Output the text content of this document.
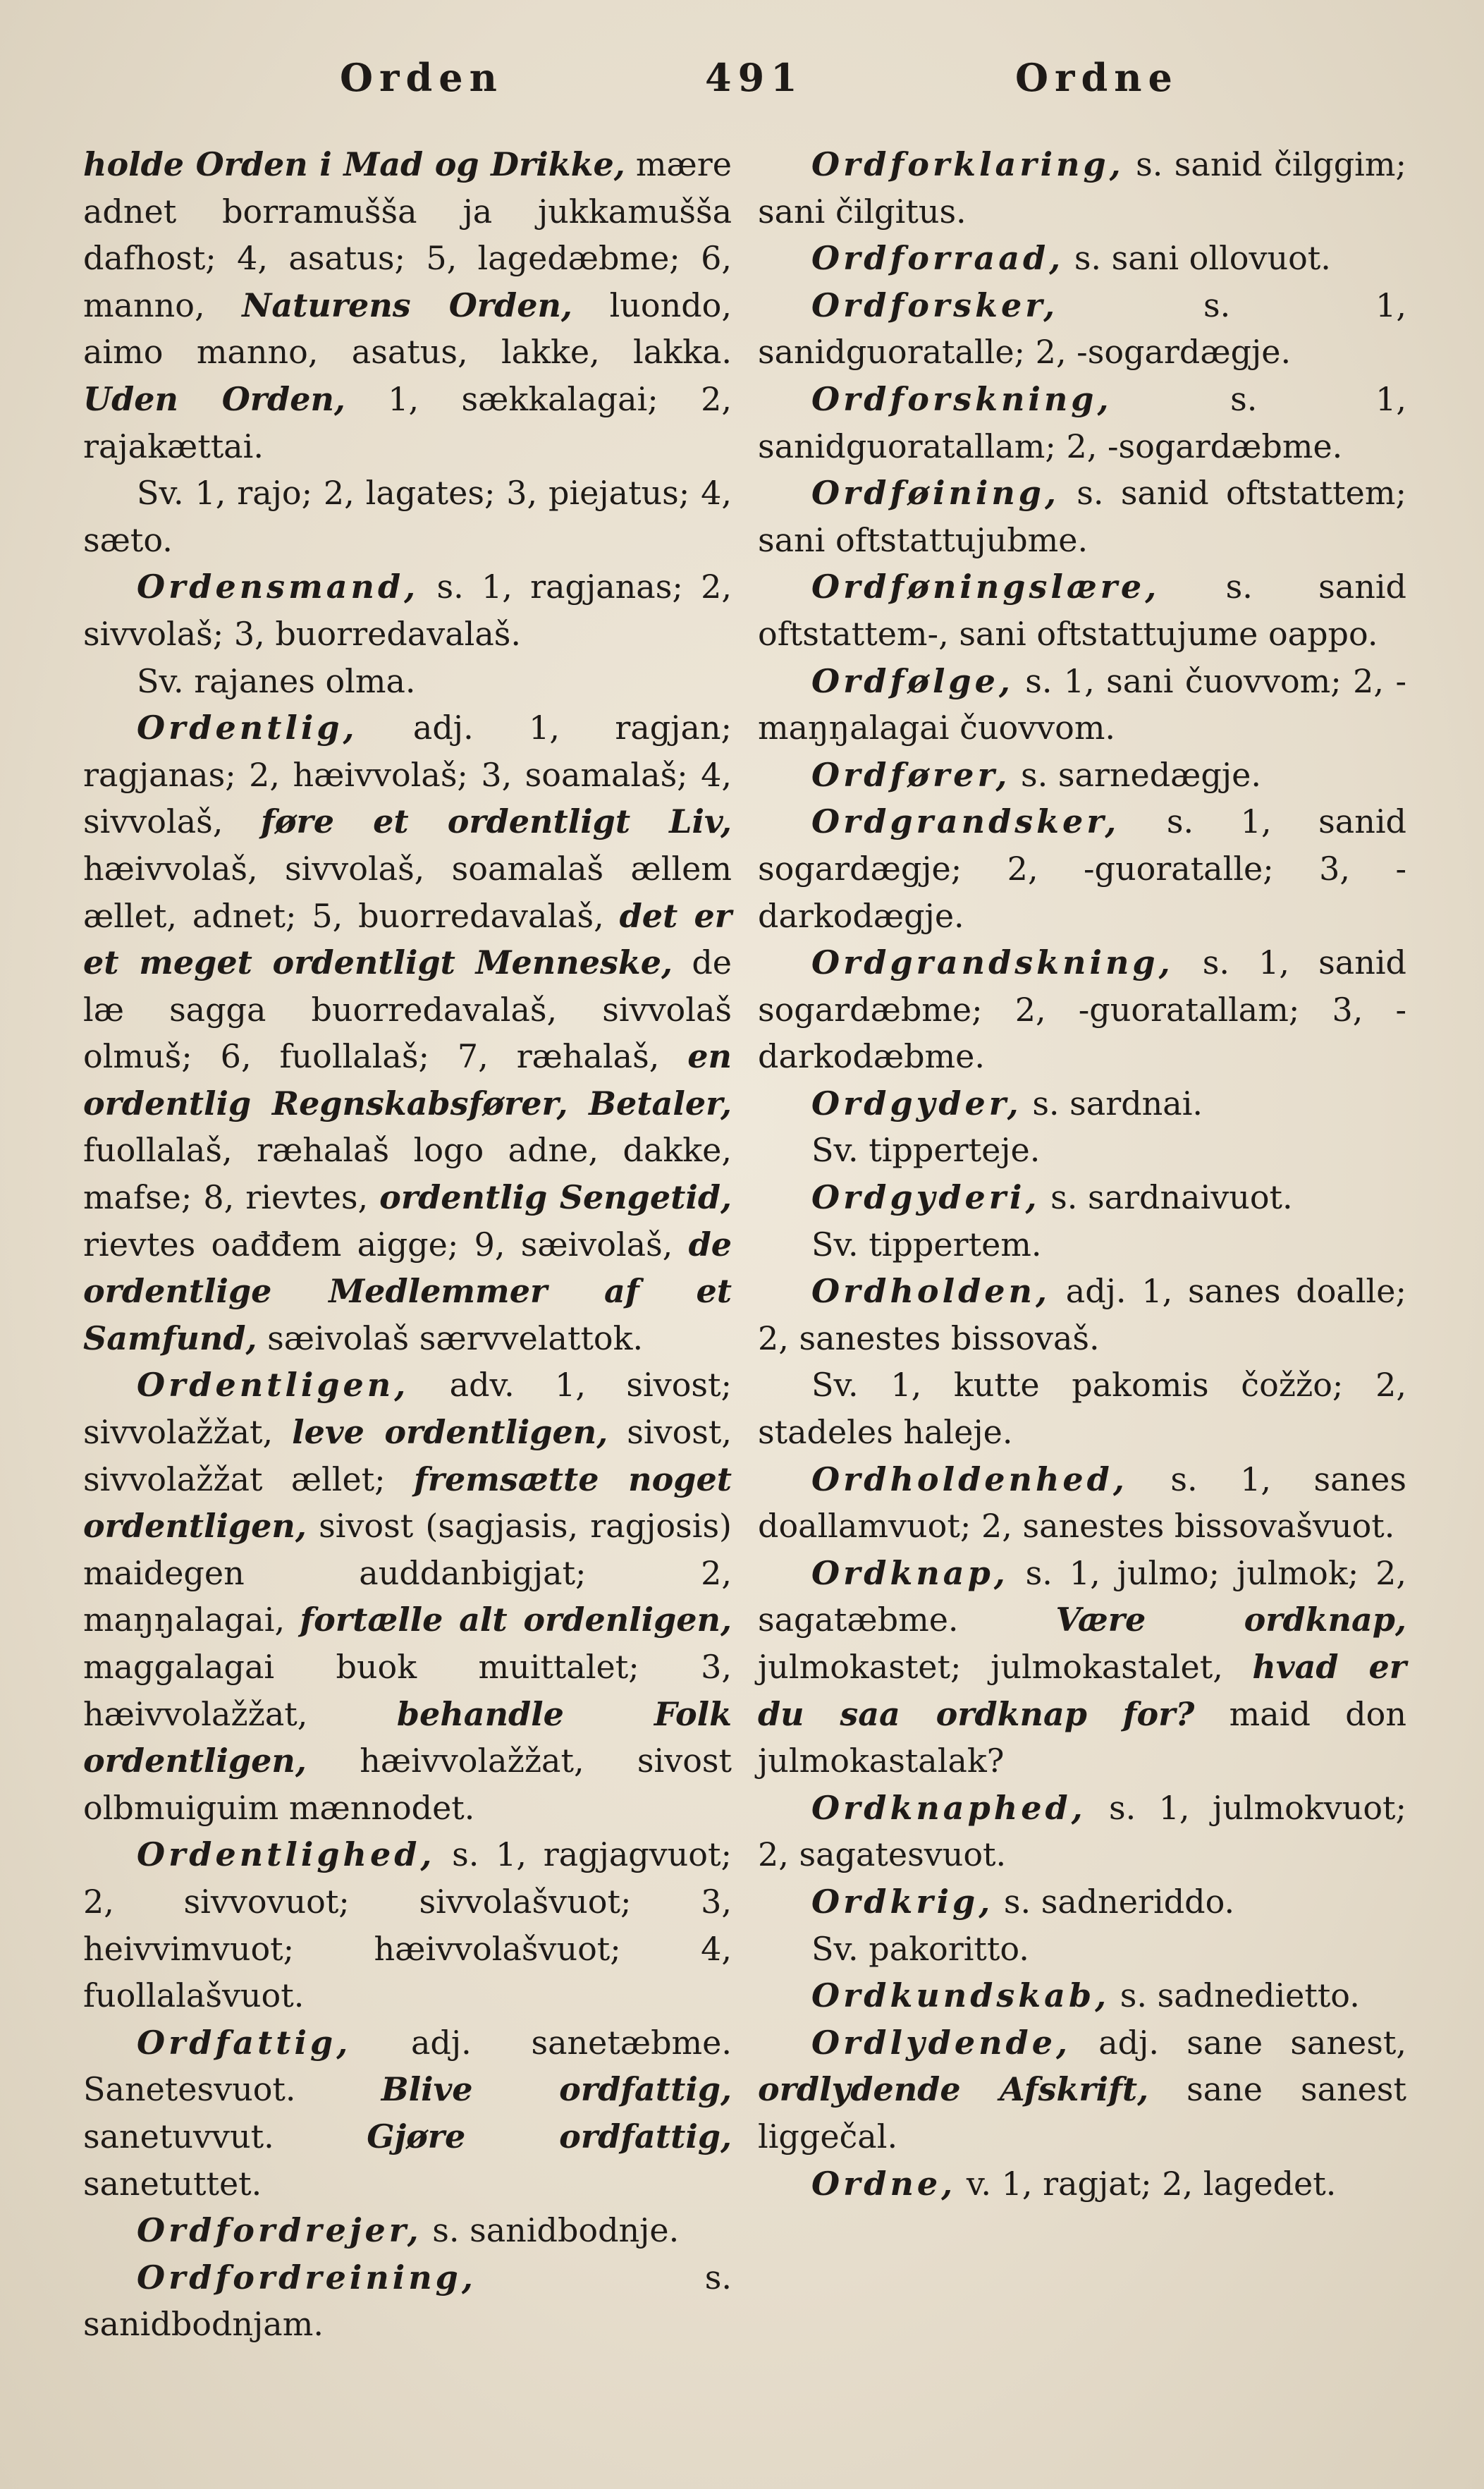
Orden	491	Ordne
holde Orden i Mad og Drikke, mære adnet borramušša ja jukkamušša dafhost; 4, asatus; 5, lagedæbme; 6, manno, Naturens Orden, luondo, aimo manno, asatus, lakke, lakka. Uden Orden, 1, sækkalagai; 2, rajakættai.
Sv. 1, rajo; 2, lagates; 3, piejatus; 4, sæto.
Ordensmand, s. 1, ragjanas; 2, sivvolaš; 3, buorredavalaš.
Sv. rajanes olma.
Ordentlig, adj. 1, ragjan; ragjanas; 2, hæivvolaš; 3, soamalaš; 4, sivvolaš, føre et ordentligt Liv, hæivvolaš, sivvolaš, soamalaš ællem ællet, adnet; 5, buorredavalaš, det er et meget ordentligt Menneske, de læ sagga buorredavalaš, sivvolaš olmuš; 6, fuollalaš; 7, ræhalaš, en ordentlig Regnskabsfører, Betaler, fuollalaš, ræhalaš logo adne, dakke, mafse; 8, rievtes, ordentlig Sengetid, rievtes oađđem aigge; 9, sæivolaš, de ordentlige Medlemmer af et Samfund, sæivolaš særvvelattok.
Ordentligen, adv. 1, sivost; sivvolažžat, leve ordentligen, sivost, sivvolažžat ællet; fremsætte noget ordentligen, sivost (sagjasis, ragjosis) maidegen auddanbigjat; 2, maŋŋalagai, fortælle alt ordenligen, maggalagai buok muittalet; 3, hæivvolažžat, behandle Folk ordentligen, hæivvolažžat, sivost olbmuiguim mænnodet.
Ordentlighed, s. 1, ragjagvuot; 2, sivvovuot; sivvolašvuot; 3, heivvimvuot; hæivvolašvuot; 4, fuollalašvuot.
Ordfattig, adj. sanetæbme. Sanetesvuot. Blive ordfattig, sanetuvvut. Gjøre ordfattig, sanetuttet.
Ordfordrejer, s. sanidbodnje.
Ordfordreining, s. sanidbodnjam.
Ordforklaring, s. sanid čilggim; sani čilgitus.
Ordforraad, s. sani ollovuot.
Ordforsker, s. 1, sanidguoratalle; 2, -sogardægje.
Ordforskning, s. 1, sanidguoratallam; 2, -sogardæbme.
Ordføining, s. sanid oftstattem; sani oftstattujubme.
Ordføningslære, s. sanid oftstattem-, sani oftstattujume oappo.
Ordfølge, s. 1, sani čuovvom; 2, -maŋŋalagai čuovvom.
Ordfører, s. sarnedægje.
Ordgrandsker, s. 1, sanid sogardægje; 2, -guoratalle; 3, -darkodægje.
Ordgrandskning, s. 1, sanid sogardæbme; 2, -guoratallam; 3, -darkodæbme.
Ordgyder, s. sardnai.
Sv. tipperteje.
Ordgyderi, s. sardnaivuot.
Sv. tippertem.
Ordholden, adj. 1, sanes doalle; 2, sanestes bissovaš.
Sv. 1, kutte pakomis čožžo; 2, stadeles haleje.
Ordholdenhed, s. 1, sanes doallamvuot; 2, sanestes bissovašvuot.
Ordknap, s. 1, julmo; julmok; 2, sagatæbme. Være ordknap, julmokastet; julmokastalet, hvad er du saa ordknap for? maid don julmokastalak?
Ordknaphed, s. 1, julmokvuot; 2, sagatesvuot.
Ordkrig, s. sadneriddo.
Sv. pakoritto.
Ordkundskab, s. sadnedietto.
Ordlydende, adj. sane sanest, ordlydende Afskrift, sane sanest liggečal.
Ordne, v. 1, ragjat; 2, lagedet.
